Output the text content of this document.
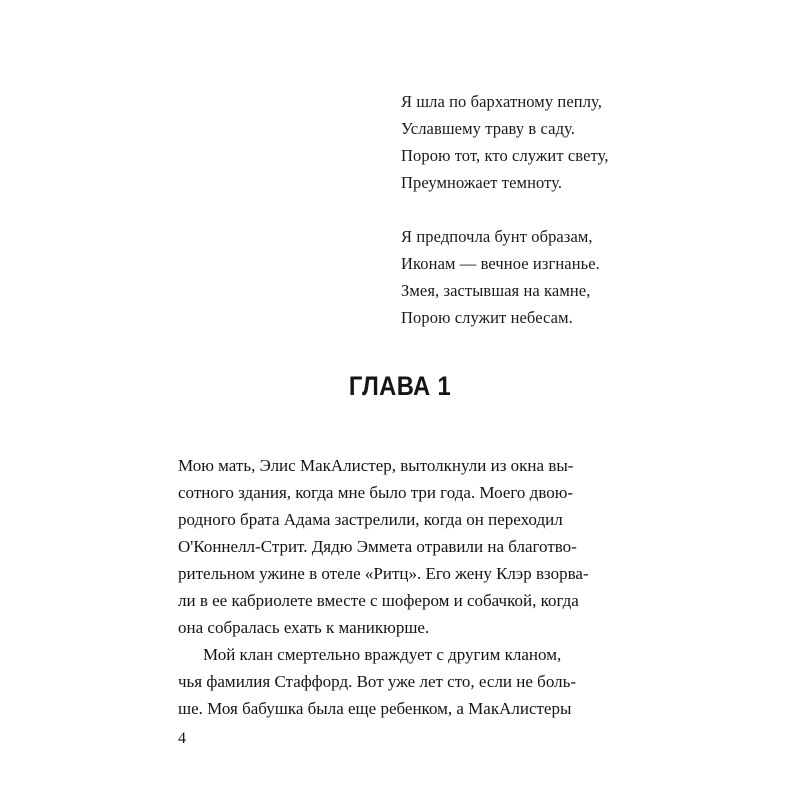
Я шла по бархатному пеплу,
Уславшему траву в саду.
Порою тот, кто служит свету,
Преумножает темноту.
Я предпочла бунт образам,
Иконам — вечное изгнанье.
Змея, застывшая на камне,
Порою служит небесам.
ГЛАВА 1

Мою мать, Элис МакАлистер, вытолкнули из окна вы-
сотного здания, когда мне было три года. Моего двою-
родного брата Адама застрелили, когда он переходил
О'Коннелл-Стрит. Дядю Эммета отравили на благотво-
рительном ужине в отеле «Ритц». Его жену Клэр взорва-
ли в ее кабриолете вместе с шофером и собачкой, когда
она собралась ехать к маникюрше.

Мой клан смертельно враждует с другим кланом,
чья фамилия Стаффорд. Вот уже лет сто, если не боль-
ше. Моя бабушка была еще ребенком, а МакАлистеры

4
